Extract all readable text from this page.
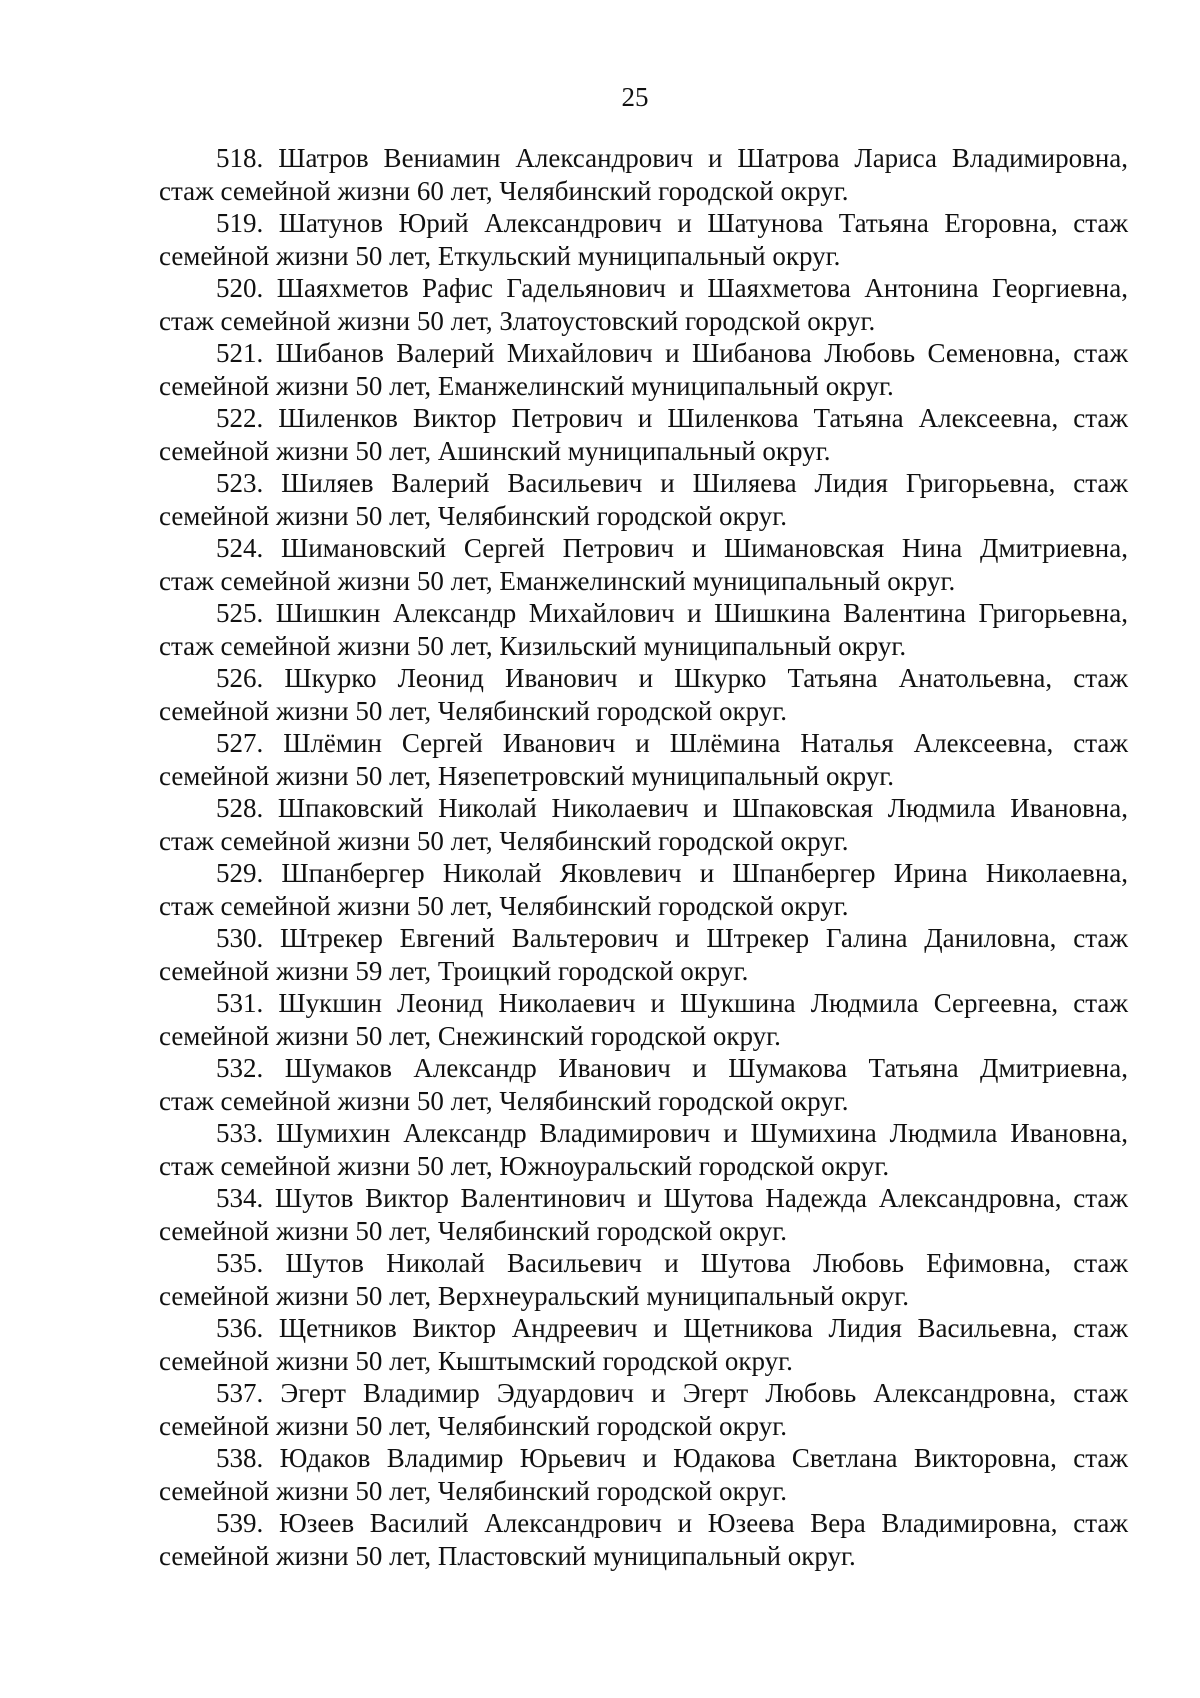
25
518. Шатров Вениамин Александрович и Шатрова Лариса Владимировна,
стаж семейной жизни 60 лет, Челябинский городской округ.
519. Шатунов Юрий Александрович и Шатунова Татьяна Егоровна, стаж
семейной жизни 50 лет, Еткульский муниципальный округ.
520. Шаяхметов Рафис Гадельянович и Шаяхметова Антонина Георгиевна,
стаж семейной жизни 50 лет, Златоустовский городской округ.
521. Шибанов Валерий Михайлович и Шибанова Любовь Семеновна, стаж
семейной жизни 50 лет, Еманжелинский муниципальный округ.
522. Шиленков Виктор Петрович и Шиленкова Татьяна Алексеевна, стаж
семейной жизни 50 лет, Ашинский муниципальный округ.
523. Шиляев Валерий Васильевич и Шиляева Лидия Григорьевна, стаж
семейной жизни 50 лет, Челябинский городской округ.
524. Шимановский Сергей Петрович и Шимановская Нина Дмитриевна,
стаж семейной жизни 50 лет, Еманжелинский муниципальный округ.
525. Шишкин Александр Михайлович и Шишкина Валентина Григорьевна,
стаж семейной жизни 50 лет, Кизильский муниципальный округ.
526. Шкурко Леонид Иванович и Шкурко Татьяна Анатольевна, стаж
семейной жизни 50 лет, Челябинский городской округ.
527. Шлёмин Сергей Иванович и Шлёмина Наталья Алексеевна, стаж
семейной жизни 50 лет, Нязепетровский муниципальный округ.
528. Шпаковский Николай Николаевич и Шпаковская Людмила Ивановна,
стаж семейной жизни 50 лет, Челябинский городской округ.
529. Шпанбергер Николай Яковлевич и Шпанбергер Ирина Николаевна,
стаж семейной жизни 50 лет, Челябинский городской округ.
530. Штрекер Евгений Вальтерович и Штрекер Галина Даниловна, стаж
семейной жизни 59 лет, Троицкий городской округ.
531. Шукшин Леонид Николаевич и Шукшина Людмила Сергеевна, стаж
семейной жизни 50 лет, Снежинский городской округ.
532. Шумаков Александр Иванович и Шумакова Татьяна Дмитриевна,
стаж семейной жизни 50 лет, Челябинский городской округ.
533. Шумихин Александр Владимирович и Шумихина Людмила Ивановна,
стаж семейной жизни 50 лет, Южноуральский городской округ.
534. Шутов Виктор Валентинович и Шутова Надежда Александровна, стаж
семейной жизни 50 лет, Челябинский городской округ.
535. Шутов Николай Васильевич и Шутова Любовь Ефимовна, стаж
семейной жизни 50 лет, Верхнеуральский муниципальный округ.
536. Щетников Виктор Андреевич и Щетникова Лидия Васильевна, стаж
семейной жизни 50 лет, Кыштымский городской округ.
537. Эгерт Владимир Эдуардович и Эгерт Любовь Александровна, стаж
семейной жизни 50 лет, Челябинский городской округ.
538. Юдаков Владимир Юрьевич и Юдакова Светлана Викторовна, стаж
семейной жизни 50 лет, Челябинский городской округ.
539. Юзеев Василий Александрович и Юзеева Вера Владимировна, стаж
семейной жизни 50 лет, Пластовский муниципальный округ.
